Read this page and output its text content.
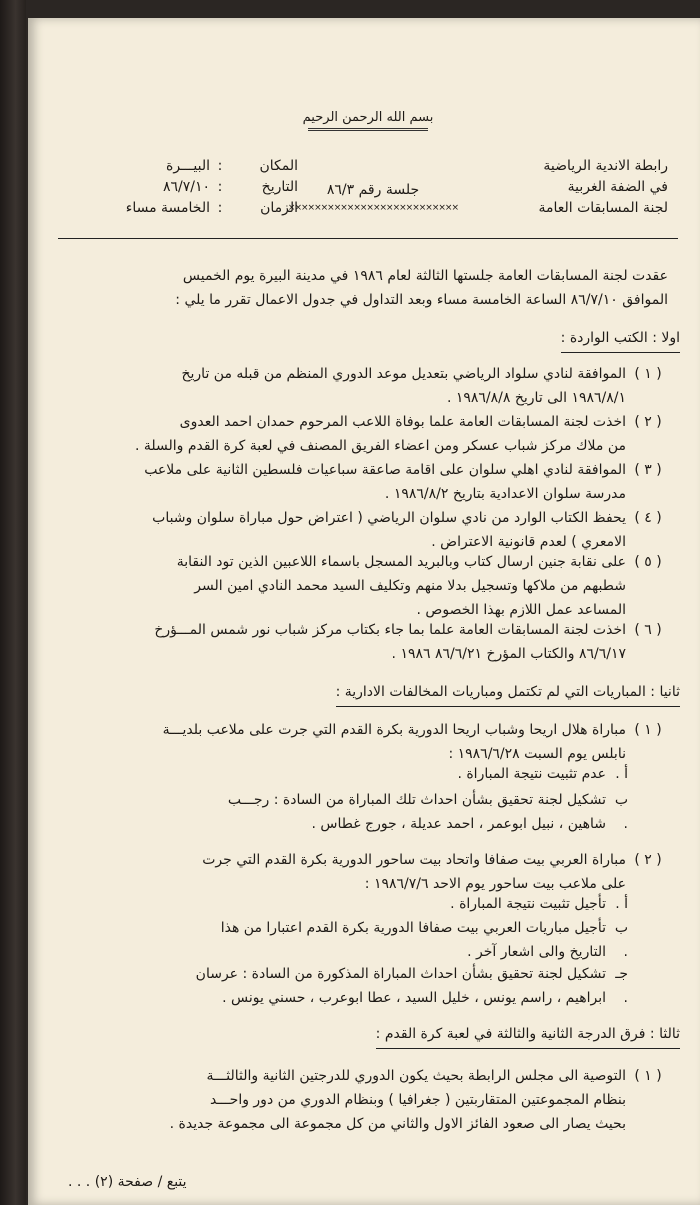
بسم الله الرحمن الرحيم
رابطة الاندية الرياضية
في الضفة الغربية
لجنة المسابقات العامة
جلسة رقم ٨٦/٣
××××××××××××××××××××××××××
المكان
:
البيـــرة
التاريخ
:
٨٦/٧/١٠
الزمان
:
الخامسة مساء
عقدت لجنة المسابقات العامة جلستها الثالثة لعام ١٩٨٦ في مدينة البيرة يوم الخميس
الموافق ٨٦/٧/١٠ الساعة الخامسة مساء وبعد التداول في جدول الاعمال تقرر ما يلي :
اولا : الكتب الواردة :
( ١ )
الموافقة لنادي سلواد الرياضي بتعديل موعد الدوري المنظم من قبله من تاريخ
١٩٨٦/٨/١ الى تاريخ ١٩٨٦/٨/٨ .
( ٢ )
اخذت لجنة المسابقات العامة علما بوفاة اللاعب المرحوم حمدان احمد العدوى
من ملاك مركز شباب عسكر ومن اعضاء الفريق المصنف في لعبة كرة القدم والسلة .
( ٣ )
الموافقة لنادي اهلي سلوان على اقامة صاعقة سباعيات فلسطين الثانية على ملاعب
مدرسة سلوان الاعدادية بتاريخ ١٩٨٦/٨/٢ .
( ٤ )
يحفظ الكتاب الوارد من نادي سلوان الرياضي ( اعتراض حول مباراة سلوان وشباب
الامعري ) لعدم قانونية الاعتراض .
( ٥ )
على نقابة جنين ارسال كتاب وبالبريد المسجل باسماء اللاعبين الذين تود النقابة
شطبهم من ملاكها وتسجيل بدلا منهم وتكليف السيد محمد النادي امين السر
المساعد عمل اللازم بهذا الخصوص .
( ٦ )
اخذت لجنة المسابقات العامة علما بما جاء بكتاب مركز شباب نور شمس المـــؤرخ
٨٦/٦/١٧ والكتاب المؤرخ ٨٦/٦/٢١ ١٩٨٦ .
ثانيا : المباريات التي لم تكتمل ومباريات المخالفات الادارية :
( ١ )
مباراة هلال اريحا وشباب اريحا الدورية بكرة القدم التي جرت على ملاعب بلديـــة
نابلس يوم السبت ١٩٨٦/٦/٢٨ :
أ .
عدم تثبيت نتيجة المباراة .
ب .
تشكيل لجنة تحقيق بشأن احداث تلك المباراة من السادة : رجـــب
شاهين ، نبيل ابوعمر ، احمد عديلة ، جورج غطاس .
( ٢ )
مباراة العربي بيت صفافا واتحاد بيت ساحور الدورية بكرة القدم التي جرت
على ملاعب بيت ساحور يوم الاحد ١٩٨٦/٧/٦ :
أ .
تأجيل تثبيت نتيجة المباراة .
ب .
تأجيل مباريات العربي بيت صفافا الدورية بكرة القدم اعتبارا من هذا
التاريخ والى اشعار آخر .
جـ .
تشكيل لجنة تحقيق بشأن احداث المباراة المذكورة من السادة : عرسان
ابراهيم ، راسم يونس ، خليل السيد ، عطا ابوعرب ، حسني يونس .
ثالثا : فرق الدرجة الثانية والثالثة في لعبة كرة القدم :
( ١ )
التوصية الى مجلس الرابطة بحيث يكون الدوري للدرجتين الثانية والثالثـــة
بنظام المجموعتين المتقاربتين ( جغرافيا ) وبنظام الدوري من دور واحـــد
بحيث يصار الى صعود الفائز الاول والثاني من كل مجموعة الى مجموعة جديدة .
يتبع / صفحة (٢) . . .
